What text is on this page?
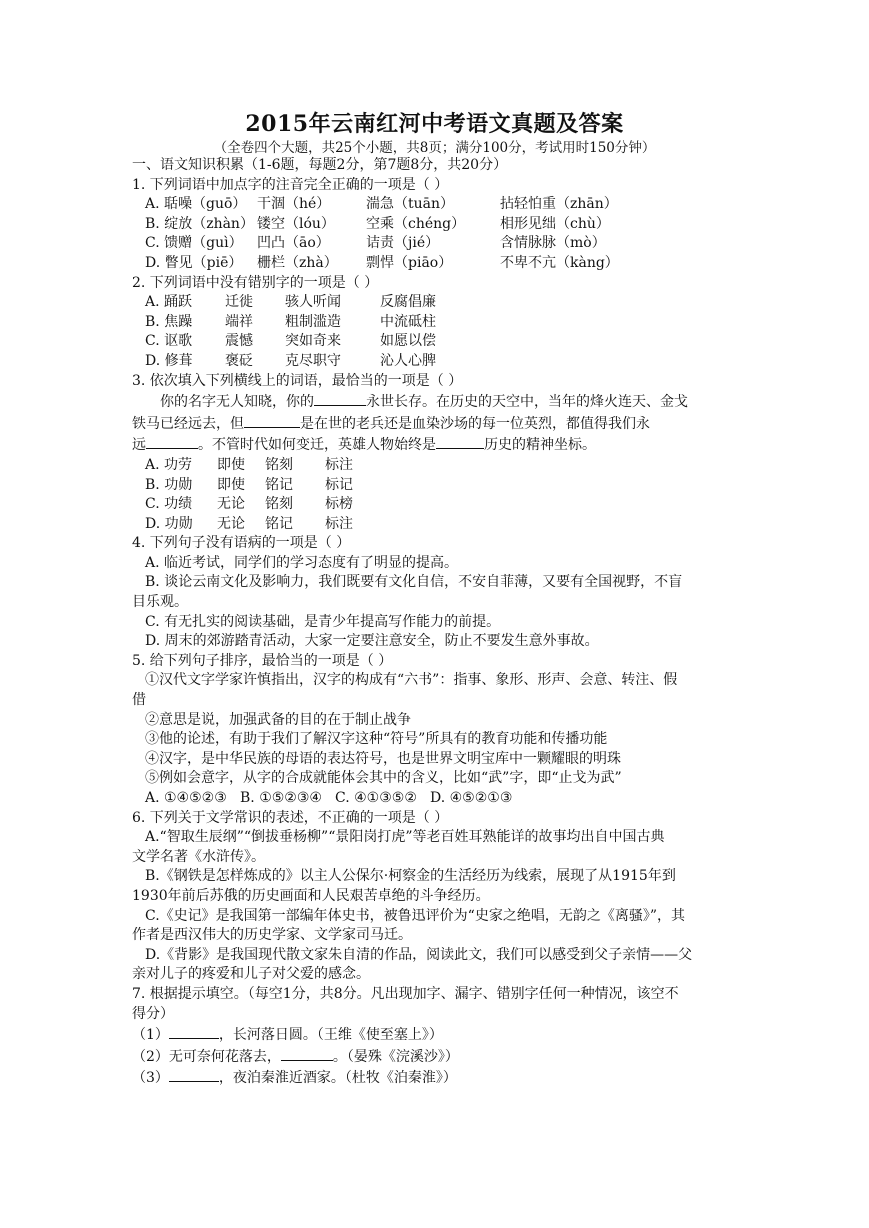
2015年云南红河中考语文真题及答案
（全卷四个大题，共25个小题，共8页；满分100分，考试用时150分钟）
一、语文知识积累（1-6题，每题2分，第7题8分，共20分）
1. 下列词语中加点字的注音完全正确的一项是（ ）
A. 聒噪（guō） 干涸（hé）	湍急（tuān）	拈轻怕重（zhān）
B. 绽放（zhàn） 镂空（lóu） 空乘（chéng） 相形见绌（chù）
C. 馈赠（guì） 凹凸（āo）	诘责（jié）	含情脉脉（mò）
D. 瞥见（piē） 栅栏（zhà） 剽悍（piāo）	不卑不亢（kàng）
2. 下列词语中没有错别字的一项是（ ）
A. 踊跃 迁徙 骇人听闻	反腐倡廉
B. 焦躁 端祥 粗制滥造	中流砥柱
C. 讴歌 震憾 突如奇来	如愿以偿
D. 修葺 褒砭 克尽职守	沁人心脾
3. 依次填入下列横线上的词语，最恰当的一项是（ ）
你的名字无人知晓，你的	永世长存。在历史的天空中，当年的烽火连天、金戈
铁马已经远去，但	是在世的老兵还是血染沙场的每一位英烈，都值得我们永
远	。不管时代如何变迁，英雄人物始终是	历史的精神坐标。
A. 功劳 即使 铭刻 标注
B. 功勋 即使 铭记 标记
C. 功绩 无论 铭刻 标榜
D. 功勋 无论 铭记 标注
4. 下列句子没有语病的一项是（ ）
A. 临近考试，同学们的学习态度有了明显的提高。
B. 谈论云南文化及影响力，我们既要有文化自信，不安自菲薄，又要有全国视野，不盲
目乐观。
C. 有无扎实的阅读基础，是青少年提高写作能力的前提。
D. 周末的郊游踏青活动，大家一定要注意安全，防止不要发生意外事故。
5. 给下列句子排序，最恰当的一项是（ ）
①汉代文字学家许慎指出，汉字的构成有“六书”：指事、象形、形声、会意、转注、假
借
②意思是说，加强武备的目的在于制止战争
③他的论述，有助于我们了解汉字这种“符号”所具有的教育功能和传播功能
④汉字，是中华民族的母语的表达符号，也是世界文明宝库中一颗耀眼的明珠
⑤例如会意字，从字的合成就能体会其中的含义，比如“武”字，即“止戈为武”
A. ①④⑤②③ B. ①⑤②③④ C. ④①③⑤② D. ④⑤②①③
6. 下列关于文学常识的表述，不正确的一项是（ ）
A.“智取生辰纲”“倒拔垂杨柳”“景阳岗打虎”等老百姓耳熟能详的故事均出自中国古典
文学名著《水浒传》。
B.《钢铁是怎样炼成的》以主人公保尔·柯察金的生活经历为线索，展现了从1915年到
1930年前后苏俄的历史画面和人民艰苦卓绝的斗争经历。
C.《史记》是我国第一部编年体史书，被鲁迅评价为“史家之绝唱，无韵之《离骚》”，其
作者是西汉伟大的历史学家、文学家司马迁。
D.《背影》是我国现代散文家朱自清的作品，阅读此文，我们可以感受到父子亲情——父
亲对儿子的疼爱和儿子对父爱的感念。
7. 根据提示填空。（每空1分，共8分。凡出现加字、漏字、错别字任何一种情况，该空不
得分）
（1）	，长河落日圆。（王维《使至塞上》）
（2）无可奈何花落去，	。（晏殊《浣溪沙》）
（3）	，夜泊秦淮近酒家。（杜牧《泊秦淮》）
